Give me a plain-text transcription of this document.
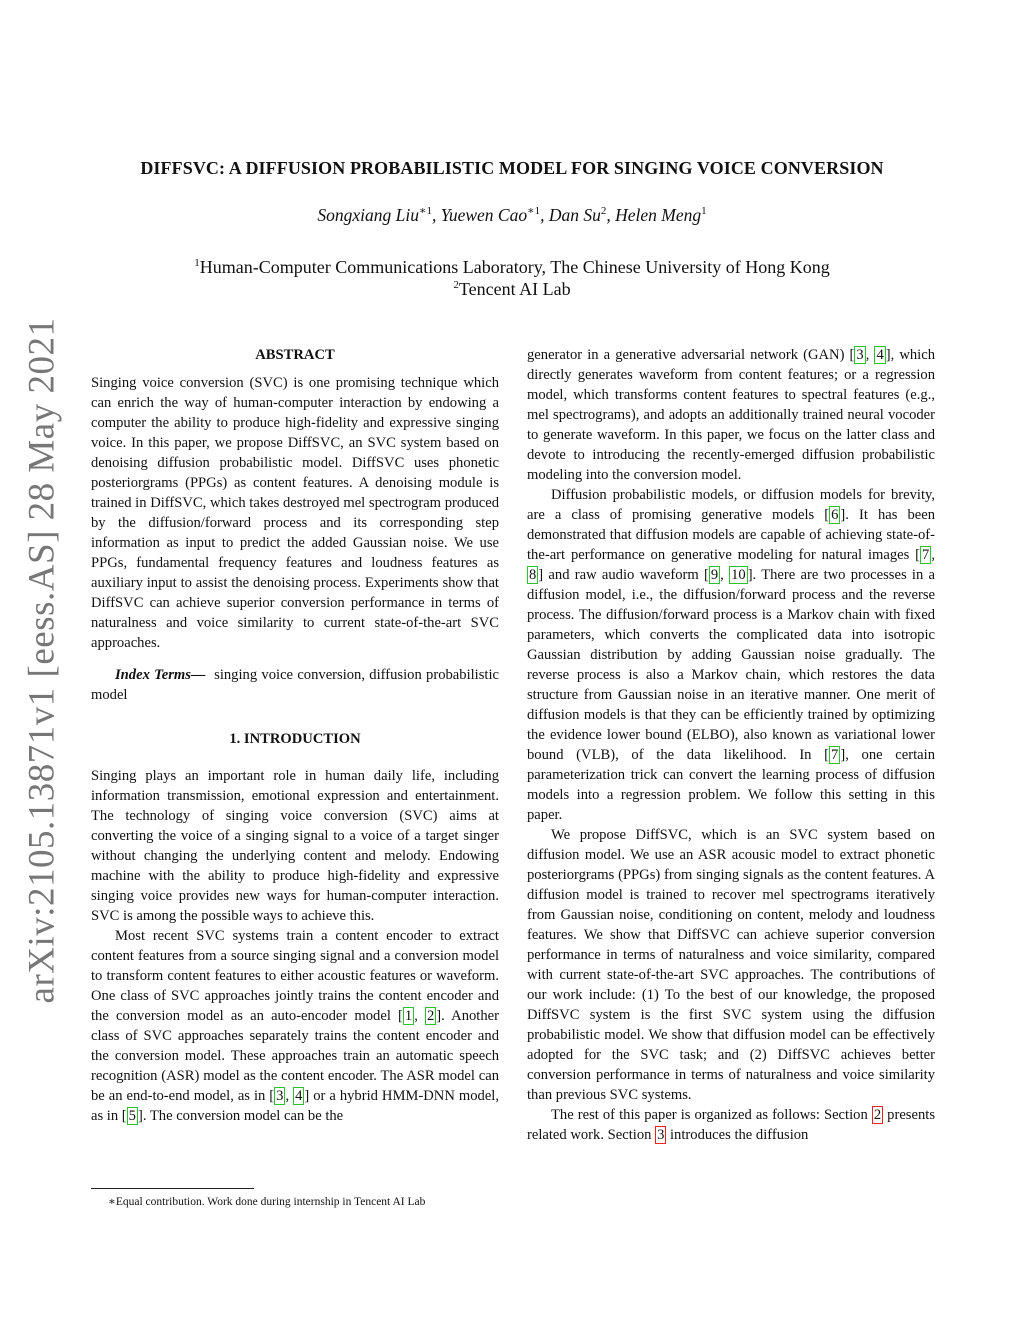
arXiv:2105.13871v1 [eess.AS] 28 May 2021
DIFFSVC: A DIFFUSION PROBABILISTIC MODEL FOR SINGING VOICE CONVERSION
Songxiang Liu$^{∗1}$, Yuewen Cao$^{∗1}$, Dan Su$^2$, Helen Meng$^1$
$^1$Human-Computer Communications Laboratory, The Chinese University of Hong Kong
$^2$Tencent AI Lab

ABSTRACT

Singing voice conversion (SVC) is one promising technique which can enrich the way of human-computer interaction by endowing a computer the ability to produce high-fidelity and expressive singing voice. In this paper, we propose DiffSVC, an SVC system based on denoising diffusion probabilistic model. DiffSVC uses phonetic posteriorgrams (PPGs) as content features. A denoising module is trained in DiffSVC, which takes destroyed mel spectrogram produced by the diffusion/forward process and its corresponding step information as input to predict the added Gaussian noise. We use PPGs, fundamental frequency features and loudness features as auxiliary input to assist the denoising process. Experiments show that DiffSVC can achieve superior conversion performance in terms of naturalness and voice similarity to current state-of-the-art SVC approaches.

Index Terms— singing voice conversion, diffusion probabilistic model

1. INTRODUCTION

Singing plays an important role in human daily life, including information transmission, emotional expression and entertainment. The technology of singing voice conversion (SVC) aims at converting the voice of a singing signal to a voice of a target singer without changing the underlying content and melody. Endowing machine with the ability to produce high-fidelity and expressive singing voice provides new ways for human-computer interaction. SVC is among the possible ways to achieve this.

Most recent SVC systems train a content encoder to extract content features from a source singing signal and a conversion model to transform content features to either acoustic features or waveform. One class of SVC approaches jointly trains the content encoder and the conversion model as an auto-encoder model [ 1 , 2 ]. Another class of SVC approaches separately trains the content encoder and the conversion model. These approaches train an automatic speech recognition (ASR) model as the content encoder. The ASR model can be an end-to-end model, as in [ 3 , 4 ] or a hybrid HMM-DNN model, as in [ 5 ]. The conversion model can be the

∗Equal contribution. Work done during internship in Tencent AI Lab

generator in a generative adversarial network (GAN) [ 3 , 4 ], which directly generates waveform from content features; or a regression model, which transforms content features to spectral features (e.g., mel spectrograms), and adopts an additionally trained neural vocoder to generate waveform. In this paper, we focus on the latter class and devote to introducing the recently-emerged diffusion probabilistic modeling into the conversion model.

Diffusion probabilistic models, or diffusion models for brevity, are a class of promising generative models [ 6 ]. It has been demonstrated that diffusion models are capable of achieving state-of-the-art performance on generative modeling for natural images [ 7 , 8 ] and raw audio waveform [ 9 , 10 ]. There are two processes in a diffusion model, i.e., the diffusion/forward process and the reverse process. The diffusion/forward process is a Markov chain with fixed parameters, which converts the complicated data into isotropic Gaussian distribution by adding Gaussian noise gradually. The reverse process is also a Markov chain, which restores the data structure from Gaussian noise in an iterative manner. One merit of diffusion models is that they can be efficiently trained by optimizing the evidence lower bound (ELBO), also known as variational lower bound (VLB), of the data likelihood. In [ 7 ], one certain parameterization trick can convert the learning process of diffusion models into a regression problem. We follow this setting in this paper.

We propose DiffSVC, which is an SVC system based on diffusion model. We use an ASR acousic model to extract phonetic posteriorgrams (PPGs) from singing signals as the content features. A diffusion model is trained to recover mel spectrograms iteratively from Gaussian noise, conditioning on content, melody and loudness features. We show that DiffSVC can achieve superior conversion performance in terms of naturalness and voice similarity, compared with current state-of-the-art SVC approaches. The contributions of our work include: (1) To the best of our knowledge, the proposed DiffSVC system is the first SVC system using the diffusion probabilistic model. We show that diffusion model can be effectively adopted for the SVC task; and (2) DiffSVC achieves better conversion performance in terms of naturalness and voice similarity than previous SVC systems.

The rest of this paper is organized as follows: Section 2 presents related work. Section 3 introduces the diffusion
